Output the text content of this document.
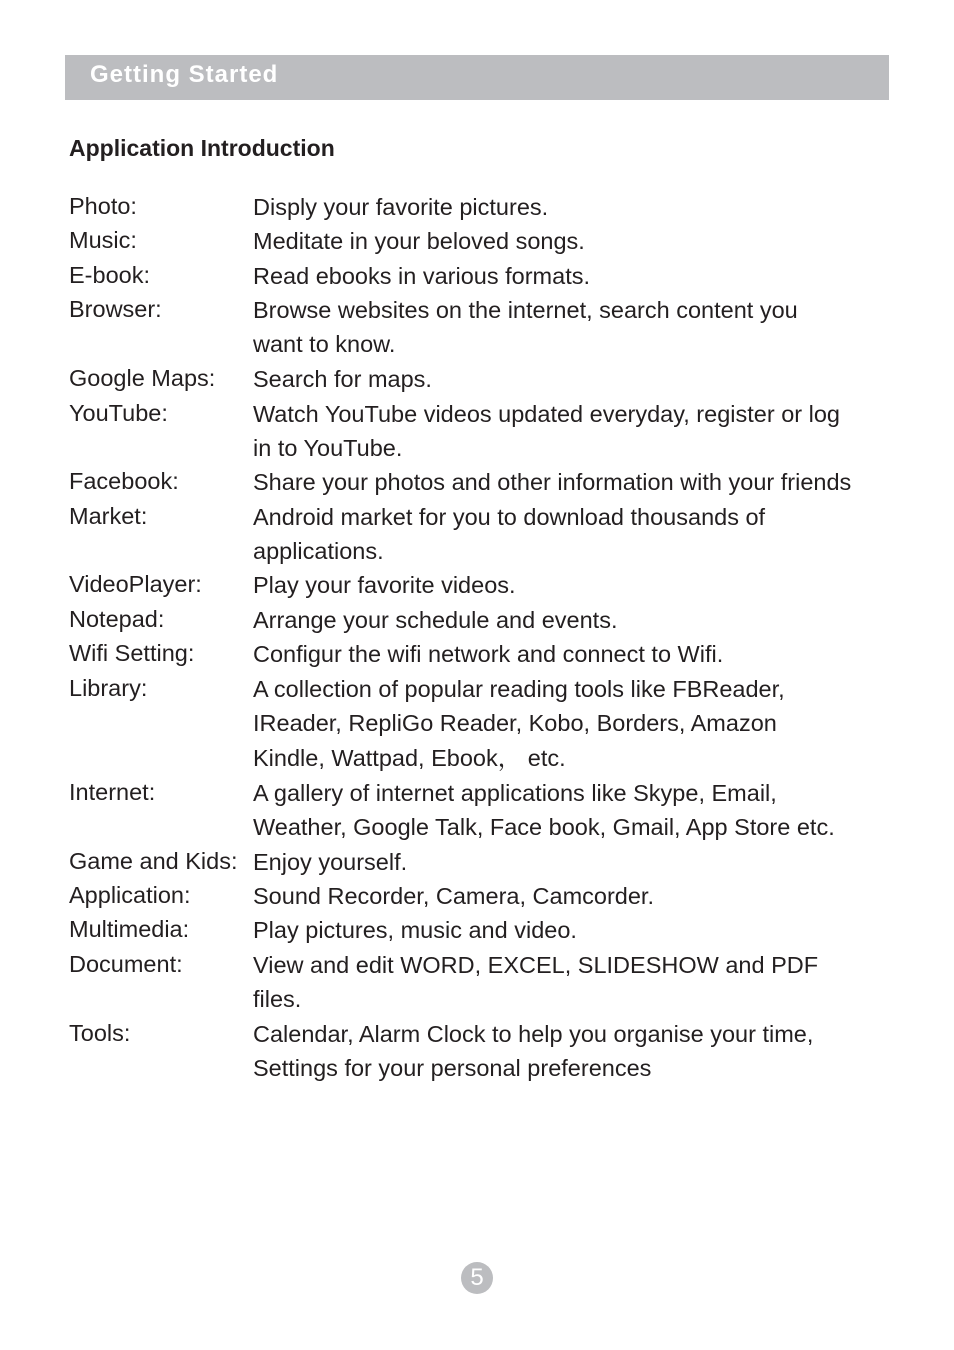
Getting Started
Application Introduction
Photo:	Disply your favorite pictures.
Music:	Meditate in your beloved songs.
E-book:	Read ebooks in various formats.
Browser:	Browse websites on the internet, search content you
want to know.
Google Maps: Search for maps.
YouTube:	Watch YouTube videos updated everyday, register or log
in to YouTube.
Facebook:	Share your photos and other information with your friends
Market:	Android market for you to download thousands of
applications.
VideoPlayer: Play your favorite videos.
Notepad:	Arrange your schedule and events.
Wifi Setting: Configur the wifi network and connect to Wifi.
Library:	A collection of popular reading tools like FBReader,
IReader, RepliGo Reader, Kobo, Borders, Amazon
Kindle, Wattpad, Ebook， etc.
Internet:	A gallery of internet applications like Skype, Email,
Weather, Google Talk, Face book, Gmail, App Store etc.
Game and Kids: Enjoy yourself.
Application:	Sound Recorder, Camera, Camcorder.
Multimedia:	Play pictures, music and video.
Document:	View and edit WORD, EXCEL, SLIDESHOW and PDF
files.
Tools:	Calendar, Alarm Clock to help you organise your time,
Settings for your personal preferences
5
